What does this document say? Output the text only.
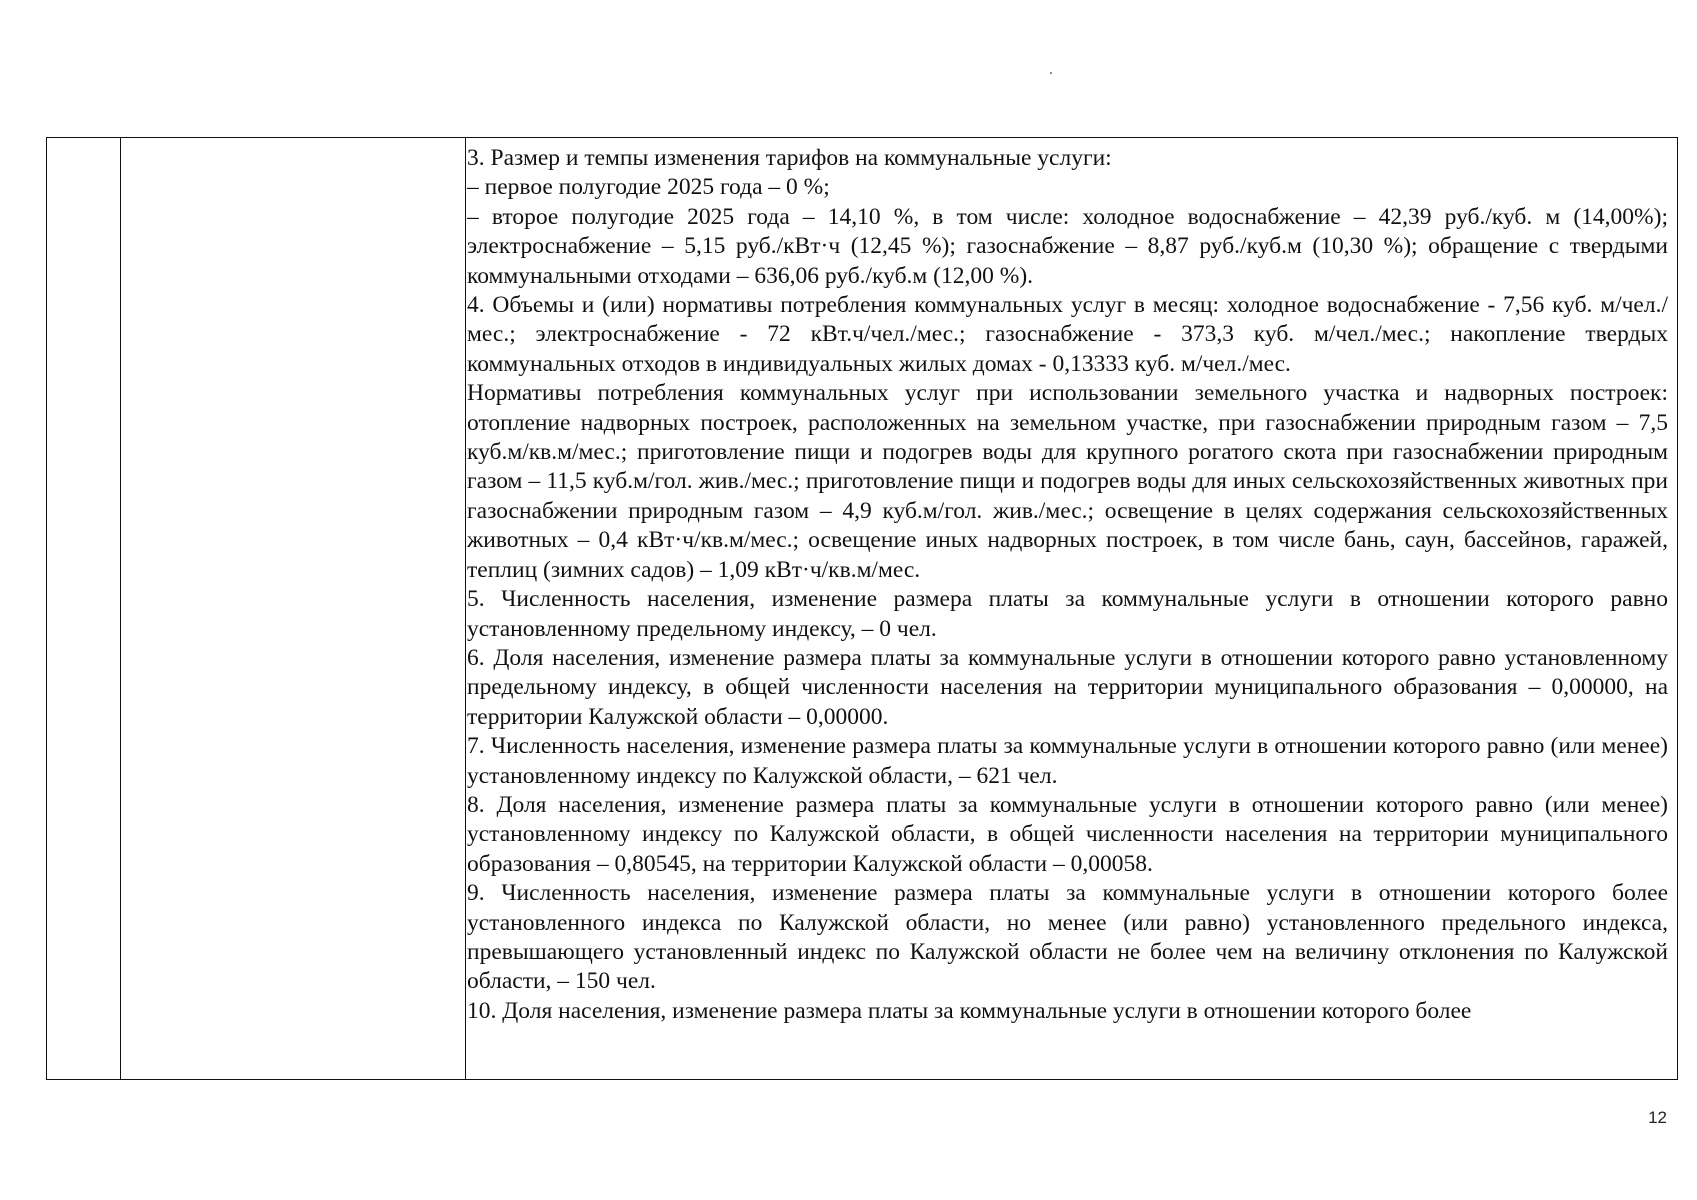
3. Размер и темпы изменения тарифов на коммунальные услуги:

– первое полугодие 2025 года – 0 %;

– второе полугодие 2025 года – 14,10 %, в том числе: холодное водоснабжение – 42,39 руб./куб. м (14,00%); электроснабжение – 5,15 руб./кВт·ч (12,45 %); газоснабжение – 8,87 руб./куб.м (10,30 %); обращение с твердыми коммунальными отходами – 636,06 руб./куб.м (12,00 %).

4. Объемы и (или) нормативы потребления коммунальных услуг в месяц: холодное водоснабжение - 7,56 куб. м/чел./мес.; электроснабжение - 72 кВт.ч/чел./мес.; газоснабжение - 373,3 куб. м/чел./мес.; накопление твердых коммунальных отходов в индивидуальных жилых домах - 0,13333 куб. м/чел./мес.

Нормативы потребления коммунальных услуг при использовании земельного участка и надворных построек: отопление надворных построек, расположенных на земельном участке, при газоснабжении природным газом – 7,5 куб.м/кв.м/мес.; приготовление пищи и подогрев воды для крупного рогатого скота при газоснабжении природным газом – 11,5 куб.м/гол. жив./мес.; приготовление пищи и подогрев воды для иных сельскохозяйственных животных при газоснабжении природным газом – 4,9 куб.м/гол. жив./мес.; освещение в целях содержания сельскохозяйственных животных – 0,4 кВт·ч/кв.м/мес.; освещение иных надворных построек, в том числе бань, саун, бассейнов, гаражей, теплиц (зимних садов) – 1,09 кВт·ч/кв.м/мес.

5. Численность населения, изменение размера платы за коммунальные услуги в отношении которого равно установленному предельному индексу, – 0 чел.

6. Доля населения, изменение размера платы за коммунальные услуги в отношении которого равно установленному предельному индексу, в общей численности населения на территории муниципального образования – 0,00000, на территории Калужской области – 0,00000.

7. Численность населения, изменение размера платы за коммунальные услуги в отношении которого равно (или менее) установленному индексу по Калужской области, – 621 чел.

8. Доля населения, изменение размера платы за коммунальные услуги в отношении которого равно (или менее) установленному индексу по Калужской области, в общей численности населения на территории муниципального образования – 0,80545, на территории Калужской области – 0,00058.

9. Численность населения, изменение размера платы за коммунальные услуги в отношении которого более установленного индекса по Калужской области, но менее (или равно) установленного предельного индекса, превышающего установленный индекс по Калужской области не более чем на величину отклонения по Калужской области, – 150 чел.

10. Доля населения, изменение размера платы за коммунальные услуги в отношении которого более

12
